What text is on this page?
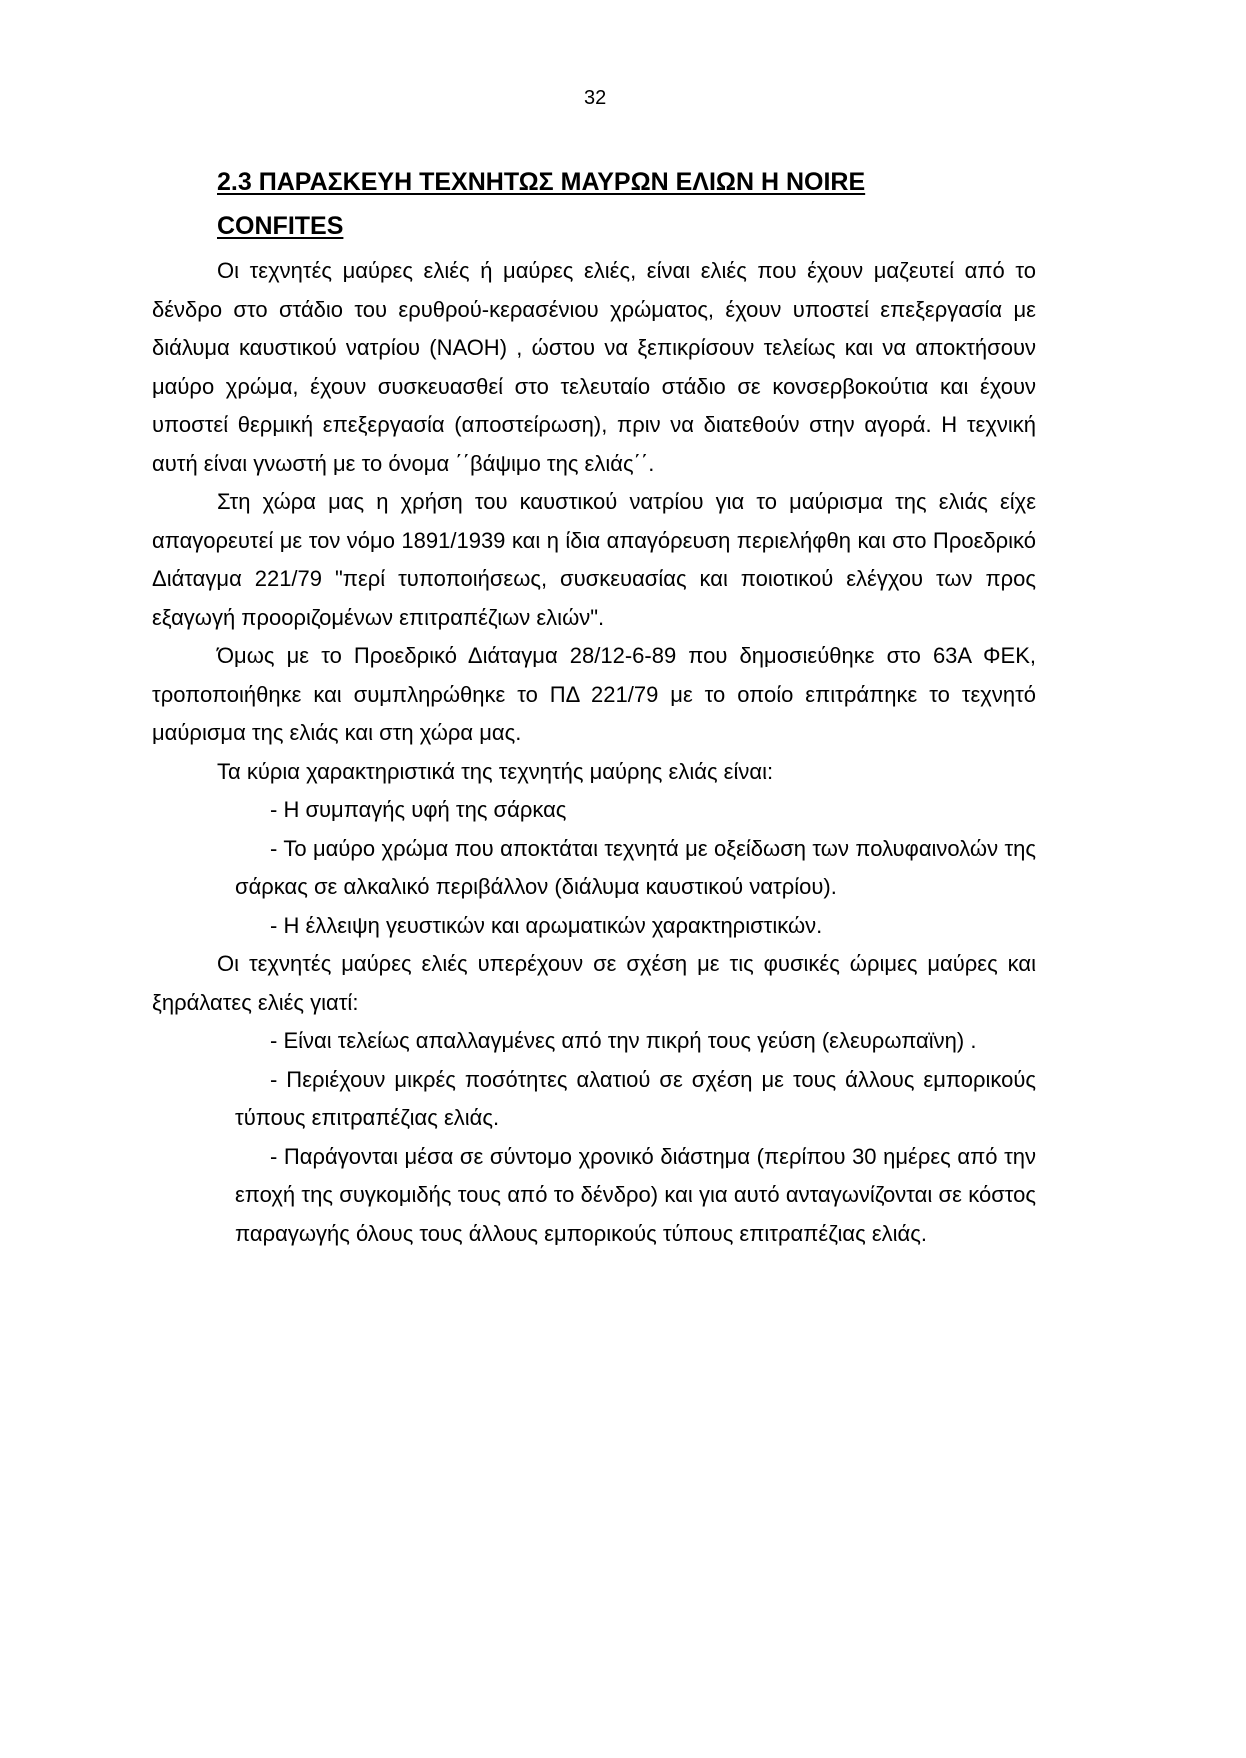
32
2.3 ΠΑΡΑΣΚΕΥΗ ΤΕΧΝΗΤΩΣ ΜΑΥΡΩΝ ΕΛΙΩΝ Η NOIRE
CONFITES

Οι τεχνητές μαύρες ελιές ή μαύρες ελιές, είναι ελιές που έχουν μαζευτεί από το δένδρο στο στάδιο του ερυθρού-κερασένιου χρώματος, έχουν υποστεί επεξεργασία με διάλυμα καυστικού νατρίου (ΝΑΟΗ) , ώστου να ξεπικρίσουν τελείως και να αποκτήσουν μαύρο χρώμα, έχουν συσκευασθεί στο τελευταίο στάδιο σε κονσερβοκούτια και έχουν υποστεί θερμική επεξεργασία (αποστείρωση), πριν να διατεθούν στην αγορά. Η τεχνική αυτή είναι γνωστή με το όνομα ΄΄βάψιμο της ελιάς΄΄.

Στη χώρα μας η χρήση του καυστικού νατρίου για το μαύρισμα της ελιάς είχε απαγορευτεί με τον νόμο 1891/1939 και η ίδια απαγόρευση περιελήφθη και στο Προεδρικό Διάταγμα 221/79 "περί τυποποιήσεως, συσκευασίας και ποιοτικού ελέγχου των προς εξαγωγή προοριζομένων επιτραπέζιων ελιών".

Όμως με το Προεδρικό Διάταγμα 28/12-6-89 που δημοσιεύθηκε στο 63Α ΦΕΚ, τροποποιήθηκε και συμπληρώθηκε το ΠΔ 221/79 με το οποίο επιτράπηκε το τεχνητό μαύρισμα της ελιάς και στη χώρα μας.

Τα κύρια χαρακτηριστικά της τεχνητής μαύρης ελιάς είναι:

- Η συμπαγής υφή της σάρκας

- Το μαύρο χρώμα που αποκτάται τεχνητά με οξείδωση των πολυφαινολών της σάρκας σε αλκαλικό περιβάλλον (διάλυμα καυστικού νατρίου).

- Η έλλειψη γευστικών και αρωματικών χαρακτηριστικών.

Οι τεχνητές μαύρες ελιές υπερέχουν σε σχέση με τις φυσικές ώριμες μαύρες και ξηράλατες ελιές γιατί:

- Είναι τελείως απαλλαγμένες από την πικρή τους γεύση (ελευρωπαϊνη) .

- Περιέχουν μικρές ποσότητες αλατιού σε σχέση με τους άλλους εμπορικούς τύπους επιτραπέζιας ελιάς.

- Παράγονται μέσα σε σύντομο χρονικό διάστημα (περίπου 30 ημέρες από την εποχή της συγκομιδής τους από το δένδρο) και για αυτό ανταγωνίζονται σε κόστος παραγωγής όλους τους άλλους εμπορικούς τύπους επιτραπέζιας ελιάς.
